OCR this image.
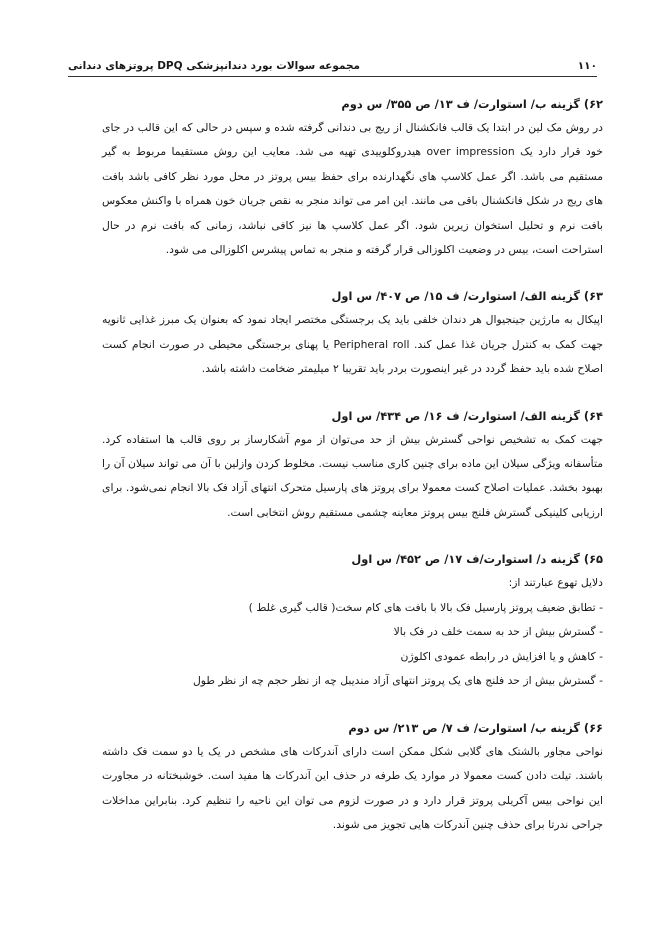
۱۱۰
مجموعه سوالات بورد دندانپزشکی DPQ پروتزهای دندانی
۶۲) گزینه ب/ استوارت/ ف ۱۳/ ص ۳۵۵/ س دوم
در روش مک لین در ابتدا یک قالب فانکشنال از ریج بی دندانی گرفته شده و سپس در حالی که این قالب در جای خود قرار دارد یک over impression هیدروکلوییدی تهیه می شد. معایب این روش مستقیما مربوط به گیر مستقیم می باشد. اگر عمل کلاسپ های نگهدارنده برای حفظ بیس پروتز در محل مورد نظر کافی باشد بافت های ریج در شکل فانکشنال باقی می مانند. این امر می تواند منجر به نقص جریان خون همراه با واکنش معکوس بافت نرم و تحلیل استخوان زیرین شود. اگر عمل کلاسپ ها نیز کافی نباشد، زمانی که بافت نرم در حال استراحت است، بیس در وضعیت اکلوزالی قرار گرفته و منجر به تماس پیشرس اکلوزالی می شود.
۶۳) گزینه الف/ استوارت/ ف ۱۵/ ص ۴۰۷/ س اول
اپیکال به مارژین جینجیوال هر دندان خلفی باید یک برجستگی مختصر ایجاد نمود که بعنوان یک مبرز غذایی ثانویه جهت کمک به کنترل جریان غذا عمل کند. Peripheral roll یا پهنای برجستگی محیطی در صورت انجام کست اصلاح شده باید حفظ گردد در غیر اینصورت بردر باید تقریبا ۲ میلیمتر ضخامت داشته باشد.
۶۴) گزینه الف/ استوارت/ ف ۱۶/ ص ۴۳۴/ س اول
جهت کمک به تشخیص نواحی گسترش بیش از حد می‌توان از موم آشکارساز بر روی قالب ها استفاده کرد. متأسفانه ویژگی سیلان این ماده برای چنین کاری مناسب نیست. مخلوط کردن وازلین با آن می تواند سیلان آن را بهبود بخشد. عملیات اصلاح کست معمولا برای پروتز های پارسیل متحرک انتهای آزاد فک بالا انجام نمی‌شود. برای ارزیابی کلینیکی گسترش فلنج بیس پروتز معاینه چشمی مستقیم روش انتخابی است.
۶۵) گزینه د/ استوارت/ف ۱۷/ ص ۴۵۲/ س اول

دلایل تهوع عبارتند از:

- تطابق ضعیف پروتز پارسیل فک بالا با بافت های کام سخت( قالب گیری غلط )
- گسترش بیش از حد به سمت خلف در فک بالا
- کاهش و یا افزایش در رابطه عمودی اکلوژن
- گسترش بیش از حد فلنج های یک پروتز انتهای آزاد مندیبل چه از نظر حجم چه از نظر طول
۶۶) گزینه ب/ استوارت/ ف ۷/ ص ۲۱۳/ س دوم
نواحی مجاور بالشتک های گلابی شکل ممکن است دارای آندرکات های مشخص در یک یا دو سمت فک داشته باشند. تیلت دادن کست معمولا در موارد یک طرفه در حذف این آندرکات ها مفید است. خوشبختانه در مجاورت این نواحی بیس آکریلی پروتز قرار دارد و در صورت لزوم می توان این ناحیه را تنظیم کرد. بنابراین مداخلات جراحی ندرتا برای حذف چنین آندرکات هایی تجویز می شوند.
